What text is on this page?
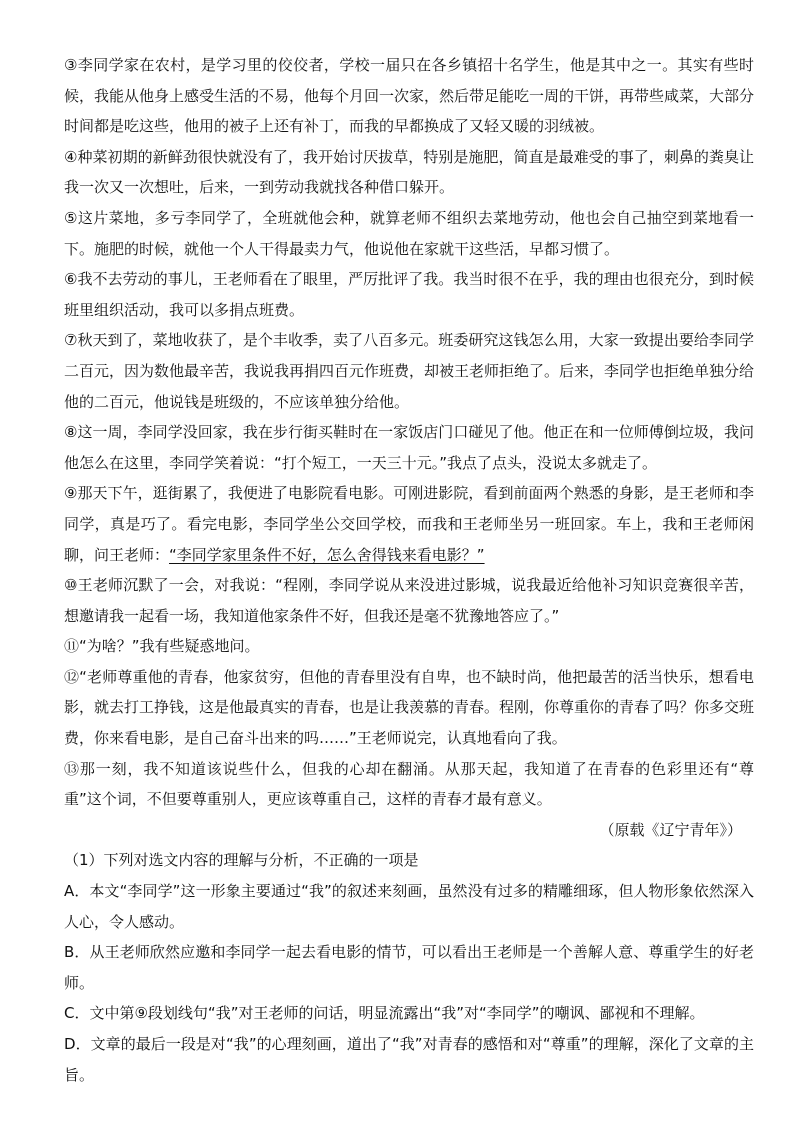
③李同学家在农村，是学习里的佼佼者，学校一届只在各乡镇招十名学生，他是其中之一。其实有些时候，我能从他身上感受生活的不易，他每个月回一次家，然后带足能吃一周的干饼，再带些咸菜，大部分时间都是吃这些，他用的被子上还有补丁，而我的早都换成了又轻又暖的羽绒被。

④种菜初期的新鲜劲很快就没有了，我开始讨厌拔草，特别是施肥，简直是最难受的事了，刺鼻的粪臭让我一次又一次想吐，后来，一到劳动我就找各种借口躲开。

⑤这片菜地，多亏李同学了，全班就他会种，就算老师不组织去菜地劳动，他也会自己抽空到菜地看一下。施肥的时候，就他一个人干得最卖力气，他说他在家就干这些活，早都习惯了。

⑥我不去劳动的事儿，王老师看在了眼里，严厉批评了我。我当时很不在乎，我的理由也很充分，到时候班里组织活动，我可以多捐点班费。

⑦秋天到了，菜地收获了，是个丰收季，卖了八百多元。班委研究这钱怎么用，大家一致提出要给李同学二百元，因为数他最辛苦，我说我再捐四百元作班费，却被王老师拒绝了。后来，李同学也拒绝单独分给他的二百元，他说钱是班级的，不应该单独分给他。

⑧这一周，李同学没回家，我在步行街买鞋时在一家饭店门口碰见了他。他正在和一位师傅倒垃圾，我问他怎么在这里，李同学笑着说：“打个短工，一天三十元。”我点了点头，没说太多就走了。

⑨那天下午，逛街累了，我便进了电影院看电影。可刚进影院，看到前面两个熟悉的身影，是王老师和李同学，真是巧了。看完电影，李同学坐公交回学校，而我和王老师坐另一班回家。车上，我和王老师闲聊，问王老师：“李同学家里条件不好，怎么舍得钱来看电影？”

⑩王老师沉默了一会，对我说：“程刚，李同学说从来没进过影城，说我最近给他补习知识竞赛很辛苦，想邀请我一起看一场，我知道他家条件不好，但我还是毫不犹豫地答应了。”

⑪“为啥？”我有些疑惑地问。

⑫“老师尊重他的青春，他家贫穷，但他的青春里没有自卑，也不缺时尚，他把最苦的活当快乐，想看电影，就去打工挣钱，这是他最真实的青春，也是让我羡慕的青春。程刚，你尊重你的青春了吗？你多交班费，你来看电影，是自己奋斗出来的吗……”王老师说完，认真地看向了我。

⑬那一刻，我不知道该说些什么，但我的心却在翻涌。从那天起，我知道了在青春的色彩里还有“尊重”这个词，不但要尊重别人，更应该尊重自己，这样的青春才最有意义。

（原载《辽宁青年》）

（1）下列对选文内容的理解与分析，不正确的一项是

A．本文“李同学”这一形象主要通过“我”的叙述来刻画，虽然没有过多的精雕细琢，但人物形象依然深入人心，令人感动。

B．从王老师欣然应邀和李同学一起去看电影的情节，可以看出王老师是一个善解人意、尊重学生的好老师。

C．文中第⑨段划线句“我”对王老师的问话，明显流露出“我”对“李同学”的嘲讽、鄙视和不理解。

D．文章的最后一段是对“我”的心理刻画，道出了“我”对青春的感悟和对“尊重”的理解，深化了文章的主旨。
